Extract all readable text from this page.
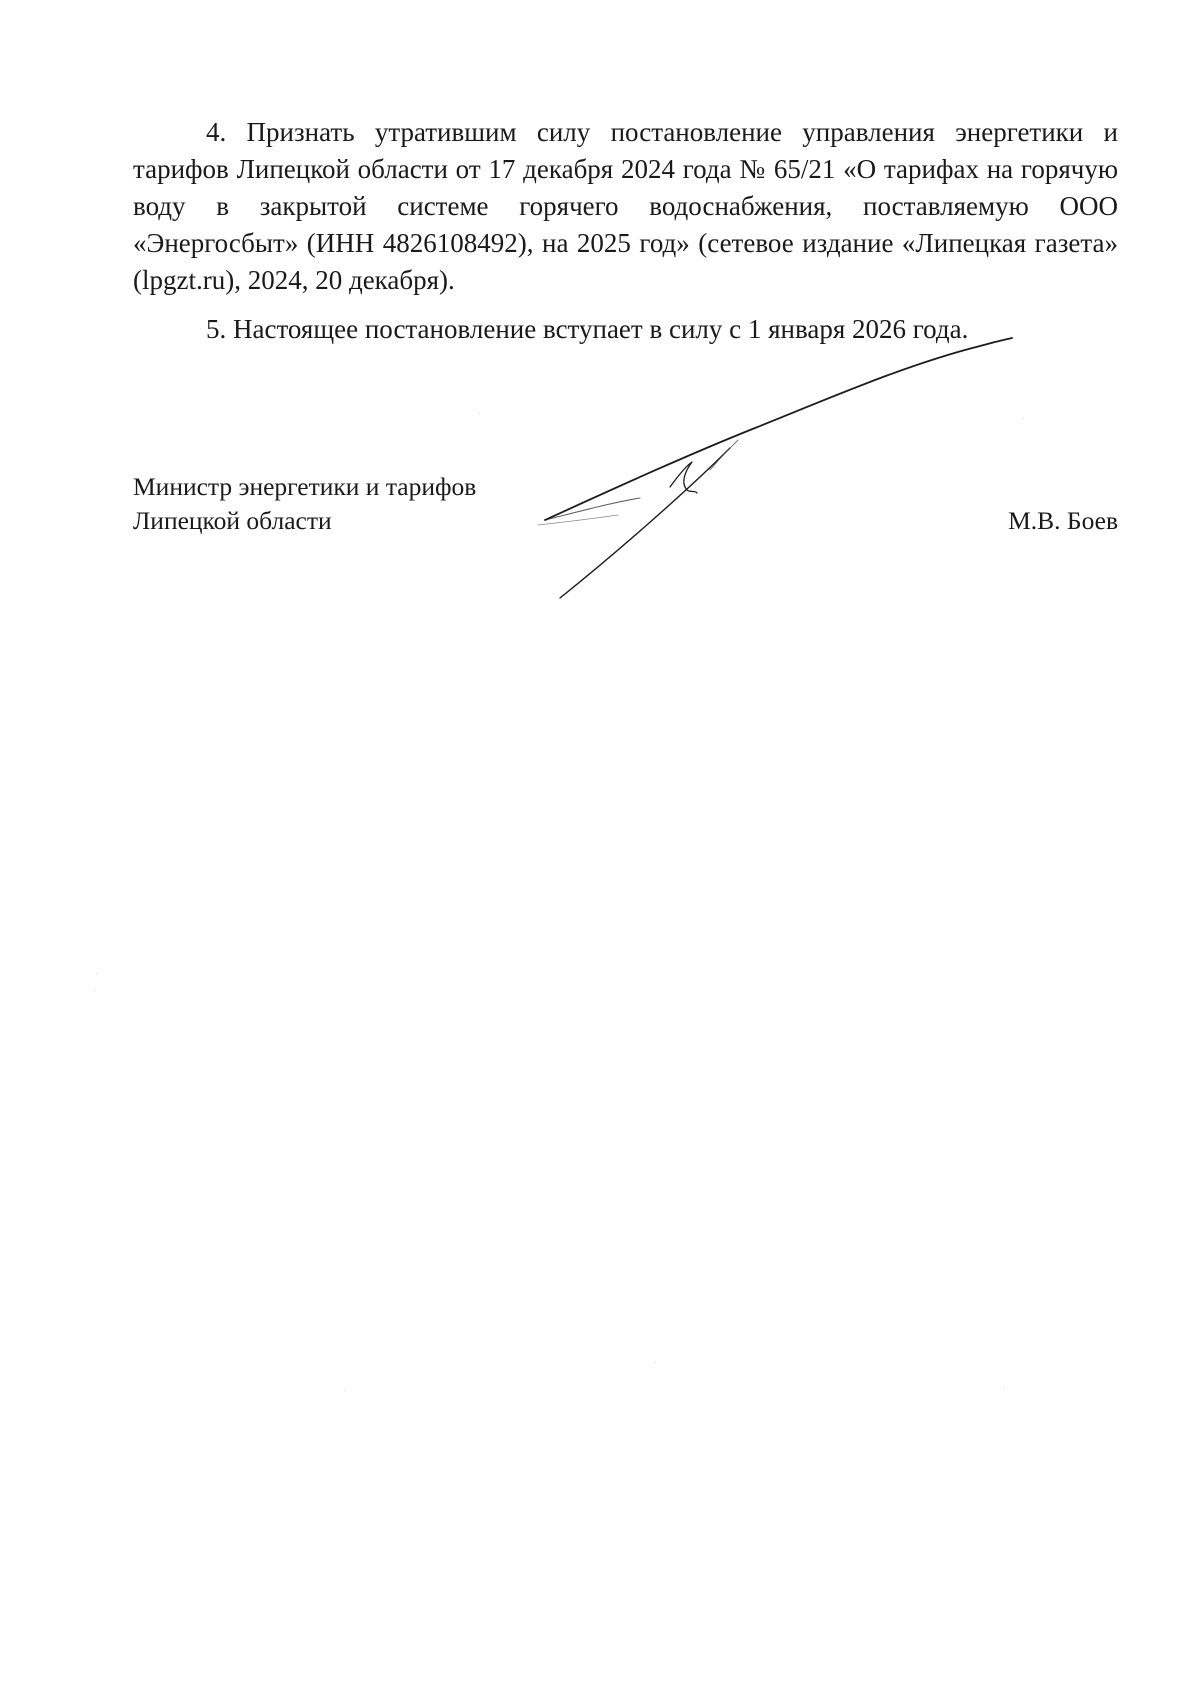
4. Признать утратившим силу постановление управления энергетики и тарифов Липецкой области от 17 декабря 2024 года № 65/21 «О тарифах на горячую воду в закрытой системе горячего водоснабжения, поставляемую ООО «Энергосбыт» (ИНН 4826108492), на 2025 год» (сетевое издание «Липецкая газета» (lpgzt.ru), 2024, 20 декабря).

5. Настоящее постановление вступает в силу с 1 января 2026 года.

Министр энергетики и тарифов
Липецкой области	М.В. Боев
